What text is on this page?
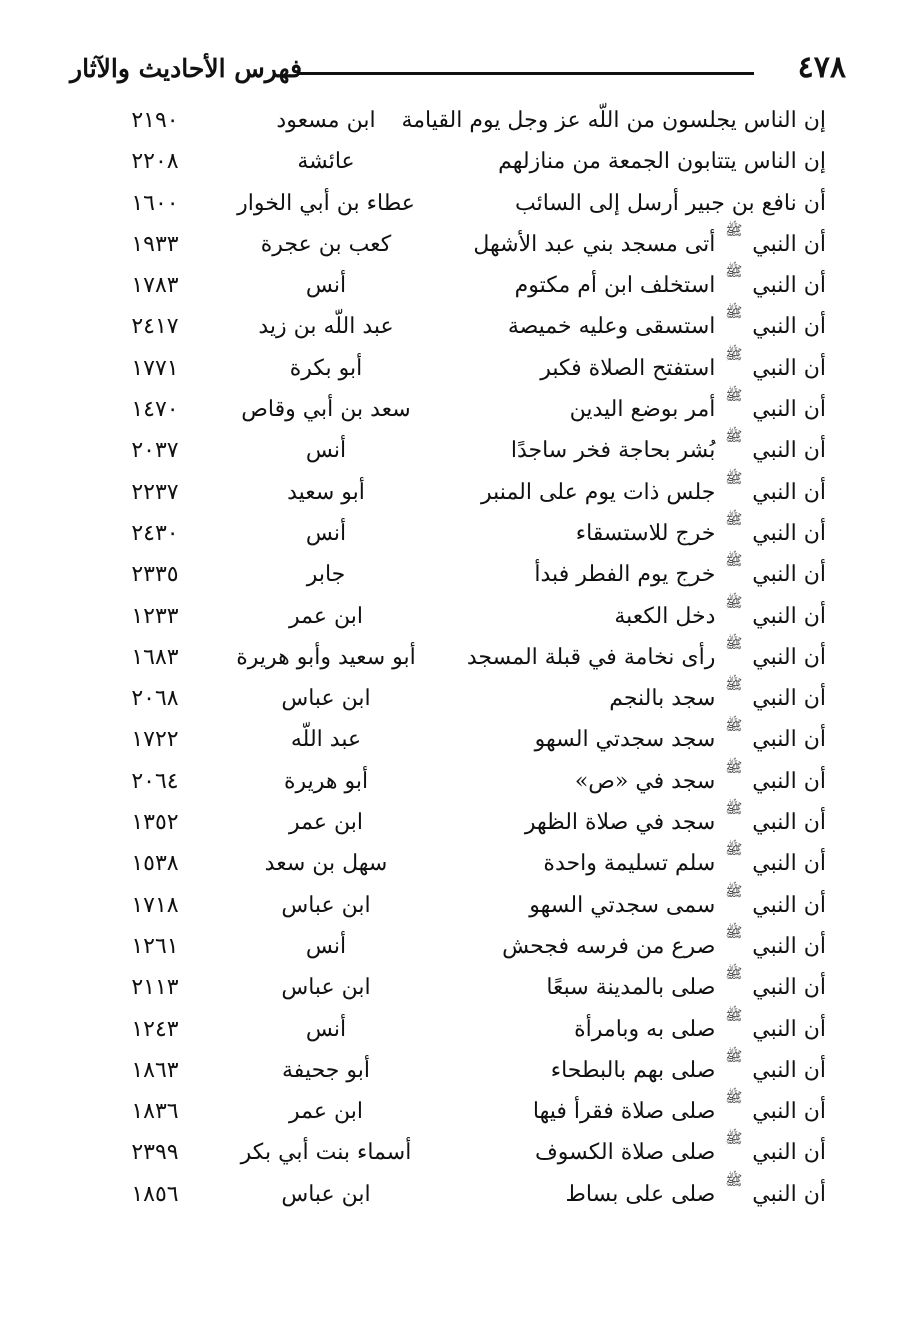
٤٧٨
فهرس الأحاديث والآثار
إن الناس يجلسون من اللّه عز وجل يوم القيامة
ابن مسعود
٢١٩٠
إن الناس يتتابون الجمعة من منازلهم
عائشة
٢٢٠٨
أن نافع بن جبير أرسل إلى السائب
عطاء بن أبي الخوار
١٦٠٠
أن النبي ﷺ أتى مسجد بني عبد الأشهل
كعب بن عجرة
١٩٣٣
أن النبي ﷺ استخلف ابن أم مكتوم
أنس
١٧٨٣
أن النبي ﷺ استسقى وعليه خميصة
عبد اللّه بن زيد
٢٤١٧
أن النبي ﷺ استفتح الصلاة فكبر
أبو بكرة
١٧٧١
أن النبي ﷺ أمر بوضع اليدين
سعد بن أبي وقاص
١٤٧٠
أن النبي ﷺ بُشر بحاجة فخر ساجدًا
أنس
٢٠٣٧
أن النبي ﷺ جلس ذات يوم على المنبر
أبو سعيد
٢٢٣٧
أن النبي ﷺ خرج للاستسقاء
أنس
٢٤٣٠
أن النبي ﷺ خرج يوم الفطر فبدأ
جابر
٢٣٣٥
أن النبي ﷺ دخل الكعبة
ابن عمر
١٢٣٣
أن النبي ﷺ رأى نخامة في قبلة المسجد
أبو سعيد وأبو هريرة
١٦٨٣
أن النبي ﷺ سجد بالنجم
ابن عباس
٢٠٦٨
أن النبي ﷺ سجد سجدتي السهو
عبد اللّه
١٧٢٢
أن النبي ﷺ سجد في «ص»
أبو هريرة
٢٠٦٤
أن النبي ﷺ سجد في صلاة الظهر
ابن عمر
١٣٥٢
أن النبي ﷺ سلم تسليمة واحدة
سهل بن سعد
١٥٣٨
أن النبي ﷺ سمى سجدتي السهو
ابن عباس
١٧١٨
أن النبي ﷺ صرع من فرسه فجحش
أنس
١٢٦١
أن النبي ﷺ صلى بالمدينة سبعًا
ابن عباس
٢١١٣
أن النبي ﷺ صلى به وبامرأة
أنس
١٢٤٣
أن النبي ﷺ صلى بهم بالبطحاء
أبو جحيفة
١٨٦٣
أن النبي ﷺ صلى صلاة فقرأ فيها
ابن عمر
١٨٣٦
أن النبي ﷺ صلى صلاة الكسوف
أسماء بنت أبي بكر
٢٣٩٩
أن النبي ﷺ صلى على بساط
ابن عباس
١٨٥٦
